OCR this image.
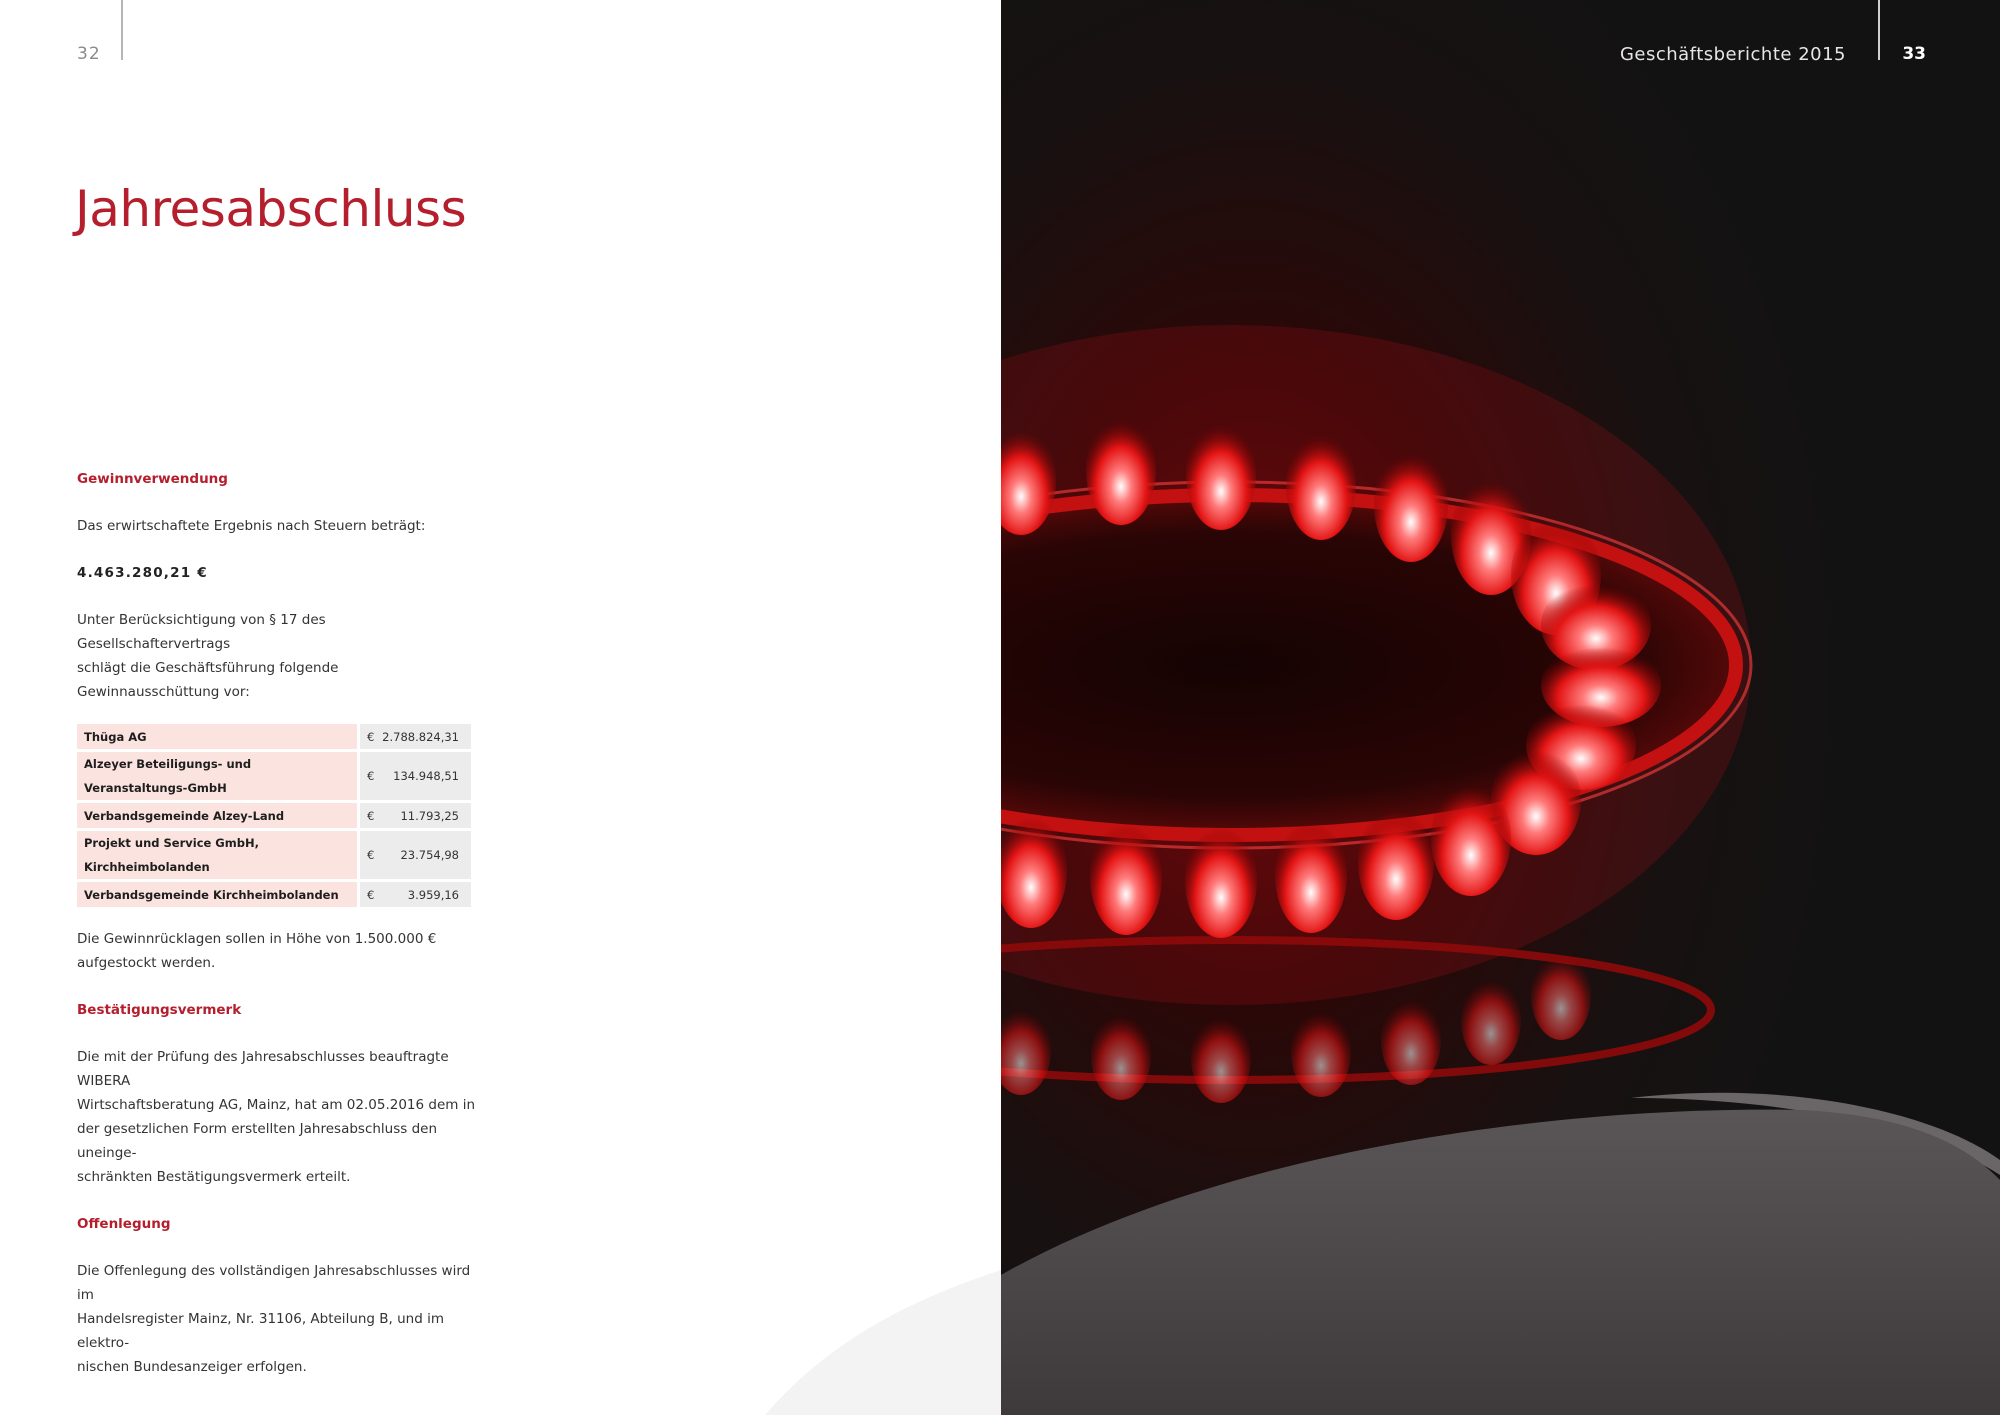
32
Jahresabschluss
Gewinnverwendung

Das erwirtschaftete Ergebnis nach Steuern beträgt:

4.463.280,21 €

Unter Berücksichtigung von § 17 des Gesellschaftervertrags

schlägt die Geschäftsführung folgende Gewinnausschüttung vor:

Thüga AG		€	2.788.824,31
Alzeyer Beteiligungs- und Veranstaltungs-GmbH		€	134.948,51
Verbandsgemeinde Alzey-Land		€	11.793,25
Projekt und Service GmbH, Kirchheimbolanden		€	23.754,98
Verbandsgemeinde Kirchheimbolanden		€	3.959,16

Die Gewinnrücklagen sollen in Höhe von 1.500.000 €

aufgestockt werden.

Bestätigungsvermerk

Die mit der Prüfung des Jahresabschlusses beauftragte WIBERA

Wirtschaftsberatung AG, Mainz, hat am 02.05.2016 dem in

der gesetzlichen Form erstellten Jahresabschluss den uneinge-

schränkten Bestätigungsvermerk erteilt.

Offenlegung

Die Offenlegung des vollständigen Jahresabschlusses wird im

Handelsregister Mainz, Nr. 31106, Abteilung B, und im elektro-

nischen Bundesanzeiger erfolgen.

Geschäftsberichte 2015	33
